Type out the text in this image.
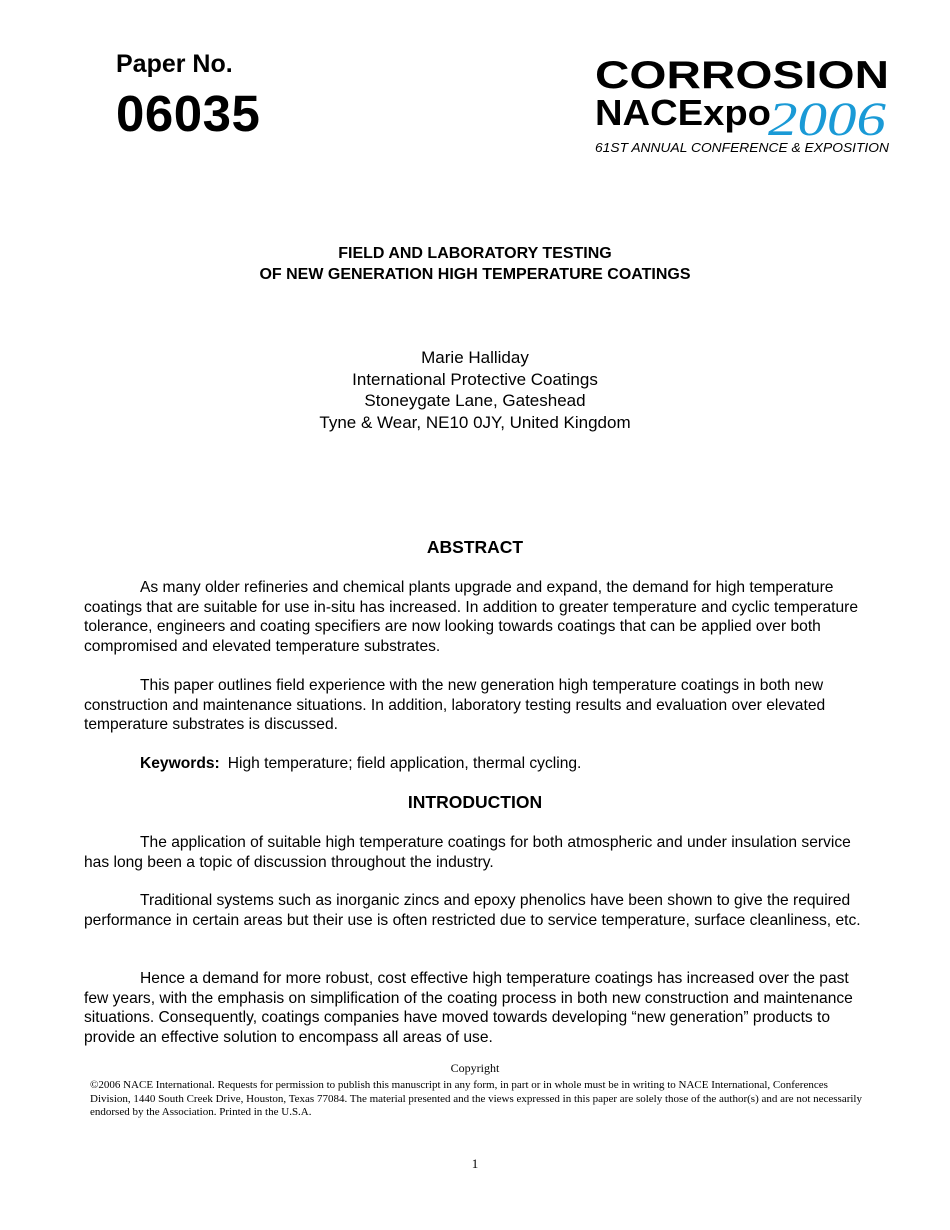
Paper No.
06035
CORROSION
NACExpo
2006
61ST ANNUAL CONFERENCE & EXPOSITION
FIELD AND LABORATORY TESTING
OF NEW GENERATION HIGH TEMPERATURE COATINGS
Marie Halliday
International Protective Coatings
Stoneygate Lane, Gateshead
Tyne & Wear, NE10 0JY, United Kingdom
ABSTRACT
As many older refineries and chemical plants upgrade and expand, the demand for high temperature coatings that are suitable for use in-situ has increased. In addition to greater temperature and cyclic temperature tolerance, engineers and coating specifiers are now looking towards coatings that can be applied over both compromised and elevated temperature substrates.
This paper outlines field experience with the new generation high temperature coatings in both new construction and maintenance situations. In addition, laboratory testing results and evaluation over elevated temperature substrates is discussed.
Keywords: High temperature; field application, thermal cycling.
INTRODUCTION
The application of suitable high temperature coatings for both atmospheric and under insulation service has long been a topic of discussion throughout the industry.
Traditional systems such as inorganic zincs and epoxy phenolics have been shown to give the required performance in certain areas but their use is often restricted due to service temperature, surface cleanliness, etc.
Hence a demand for more robust, cost effective high temperature coatings has increased over the past few years, with the emphasis on simplification of the coating process in both new construction and maintenance situations. Consequently, coatings companies have moved towards developing “new generation” products to provide an effective solution to encompass all areas of use.
Copyright
©2006 NACE International. Requests for permission to publish this manuscript in any form, in part or in whole must be in writing to NACE International, Conferences Division, 1440 South Creek Drive, Houston, Texas 77084. The material presented and the views expressed in this paper are solely those of the author(s) and are not necessarily endorsed by the Association. Printed in the U.S.A.
1
